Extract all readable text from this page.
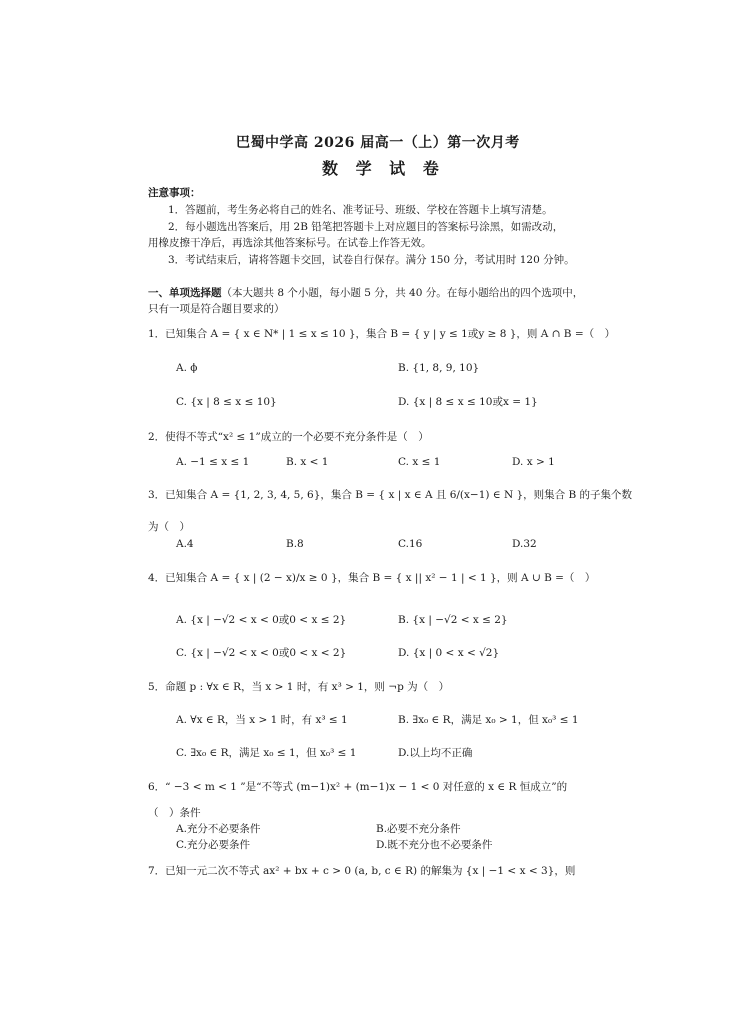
巴蜀中学高 2026 届高一（上）第一次月考
数 学 试 卷
注意事项：
1．答题前，考生务必将自己的姓名、准考证号、班级、学校在答题卡上填写清楚。
2．每小题选出答案后，用 2B 铅笔把答题卡上对应题目的答案标号涂黑，如需改动，
用橡皮擦干净后，再选涂其他答案标号。在试卷上作答无效。
3．考试结束后，请将答题卡交回，试卷自行保存。满分 150 分，考试用时 120 分钟。
一、单项选择题（本大题共 8 个小题，每小题 5 分，共 40 分。在每小题给出的四个选项中，
只有一项是符合题目要求的）
1．已知集合 A = { x ∈ N* | 1 ≤ x ≤ 10 }，集合 B = { y | y ≤ 1或y ≥ 8 }，则 A ∩ B =（　）
A. ϕ	B. {1, 8, 9, 10}
C. {x | 8 ≤ x ≤ 10}	D. {x | 8 ≤ x ≤ 10或x = 1}
2．使得不等式“x² ≤ 1”成立的一个必要不充分条件是（　）
A. −1 ≤ x ≤ 1	B. x < 1	C. x ≤ 1	D. x > 1
3．已知集合 A = {1, 2, 3, 4, 5, 6}，集合 B = { x | x ∈ A 且 6/(x−1) ∈ N }，则集合 B 的子集个数
为（　）
A.4	B.8	C.16	D.32
4．已知集合 A = { x | (2 − x)/x ≥ 0 }，集合 B = { x || x² − 1 | < 1 }，则 A ∪ B =（　）
A. {x | −√2 < x < 0或0 < x ≤ 2}	B. {x | −√2 < x ≤ 2}
C. {x | −√2 < x < 0或0 < x < 2}	D. {x | 0 < x < √2}
5．命题 p : ∀x ∈ R，当 x > 1 时，有 x³ > 1，则 ¬p 为（　）
A. ∀x ∈ R，当 x > 1 时，有 x³ ≤ 1	B. ∃x₀ ∈ R，满足 x₀ > 1，但 x₀³ ≤ 1
C. ∃x₀ ∈ R，满足 x₀ ≤ 1，但 x₀³ ≤ 1	D.以上均不正确
6．“ −3 < m < 1 ”是“不等式 (m−1)x² + (m−1)x − 1 < 0 对任意的 x ∈ R 恒成立”的
（　）条件
A.充分不必要条件	B.必要不充分条件
C.充分必要条件	D.既不充分也不必要条件
7．已知一元二次不等式 ax² + bx + c > 0 (a, b, c ∈ R) 的解集为 {x | −1 < x < 3}，则
